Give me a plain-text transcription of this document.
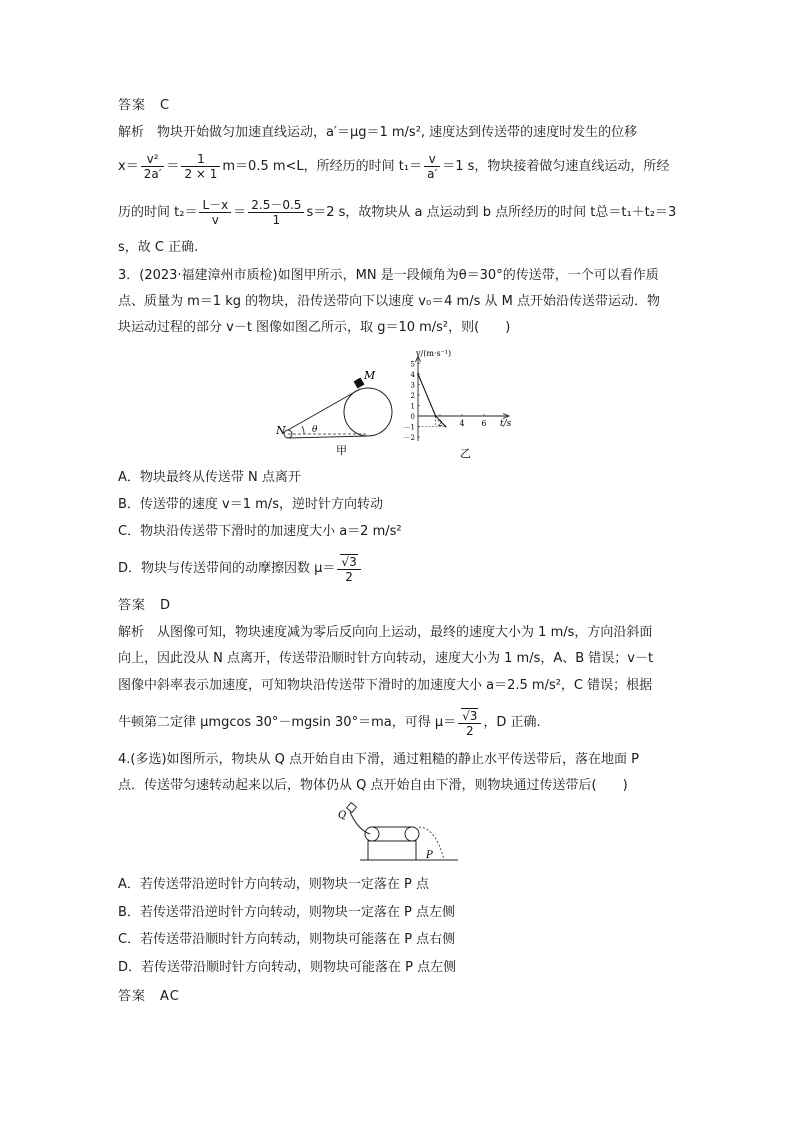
答案　 C
解析　 物块开始做匀加速直线运动，a′＝μg＝1 m/s², 速度达到传送带的速度时发生的位移
$x= \frac{\text{v²}}{2a'} = \frac{1}{2 \times 1} m=0.5$ m<L，所经历的时间 $t_1= \frac{v}{a'} =1$ s，物块接着做匀速直线运动，所经
历的时间 $t_2= \frac{L-x}{v} = \frac{2.5-0.5}{1} s=2$ s，故物块从 a 点运动到 b 点所经历的时间 t总＝t₁＋t₂＝3
s，故 C 正确.
3．(2023·福建漳州市质检)如图甲所示，MN 是一段倾角为θ＝30°的传送带，一个可以看作质
点、质量为 m＝1 kg 的物块，沿传送带向下以速度 v₀＝4 m/s 从 M 点开始沿传送带运动．物
块运动过程的部分 v－t 图像如图乙所示，取 g＝10 m/s²，则(　　)
M
N	θ
甲
v/(m·s⁻¹)
5
4
3
2
1
0
－1
－2
2 4 6 t/s
乙
A．物块最终从传送带 N 点离开
B．传送带的速度 v＝1 m/s，逆时针方向转动
C．物块沿传送带下滑时的加速度大小 a＝2 m/s²
D．物块与传送带间的动摩擦因数 $\mu= \frac{√3}{2}$
答案　 D
解析　 从图像可知，物块速度减为零后反向向上运动，最终的速度大小为 1 m/s，方向沿斜面
向上，因此没从 N 点离开，传送带沿顺时针方向转动，速度大小为 1 m/s，A、B 错误；v－t
图像中斜率表示加速度，可知物块沿传送带下滑时的加速度大小 a＝2.5 m/s²，C 错误；根据
牛顿第二定律 μmgcos 30°－mgsin 30°＝ma，可得 $\mu= \frac{√3}{2}$ ，D 正确.
4.(多选)如图所示，物块从 Q 点开始自由下滑，通过粗糙的静止水平传送带后，落在地面 P
点．传送带匀速转动起来以后，物体仍从 Q 点开始自由下滑，则物块通过传送带后(　　)
Q
P
A．若传送带沿逆时针方向转动，则物块一定落在 P 点
B．若传送带沿逆时针方向转动，则物块一定落在 P 点左侧
C．若传送带沿顺时针方向转动，则物块可能落在 P 点右侧
D．若传送带沿顺时针方向转动，则物块可能落在 P 点左侧
答案　 AC
